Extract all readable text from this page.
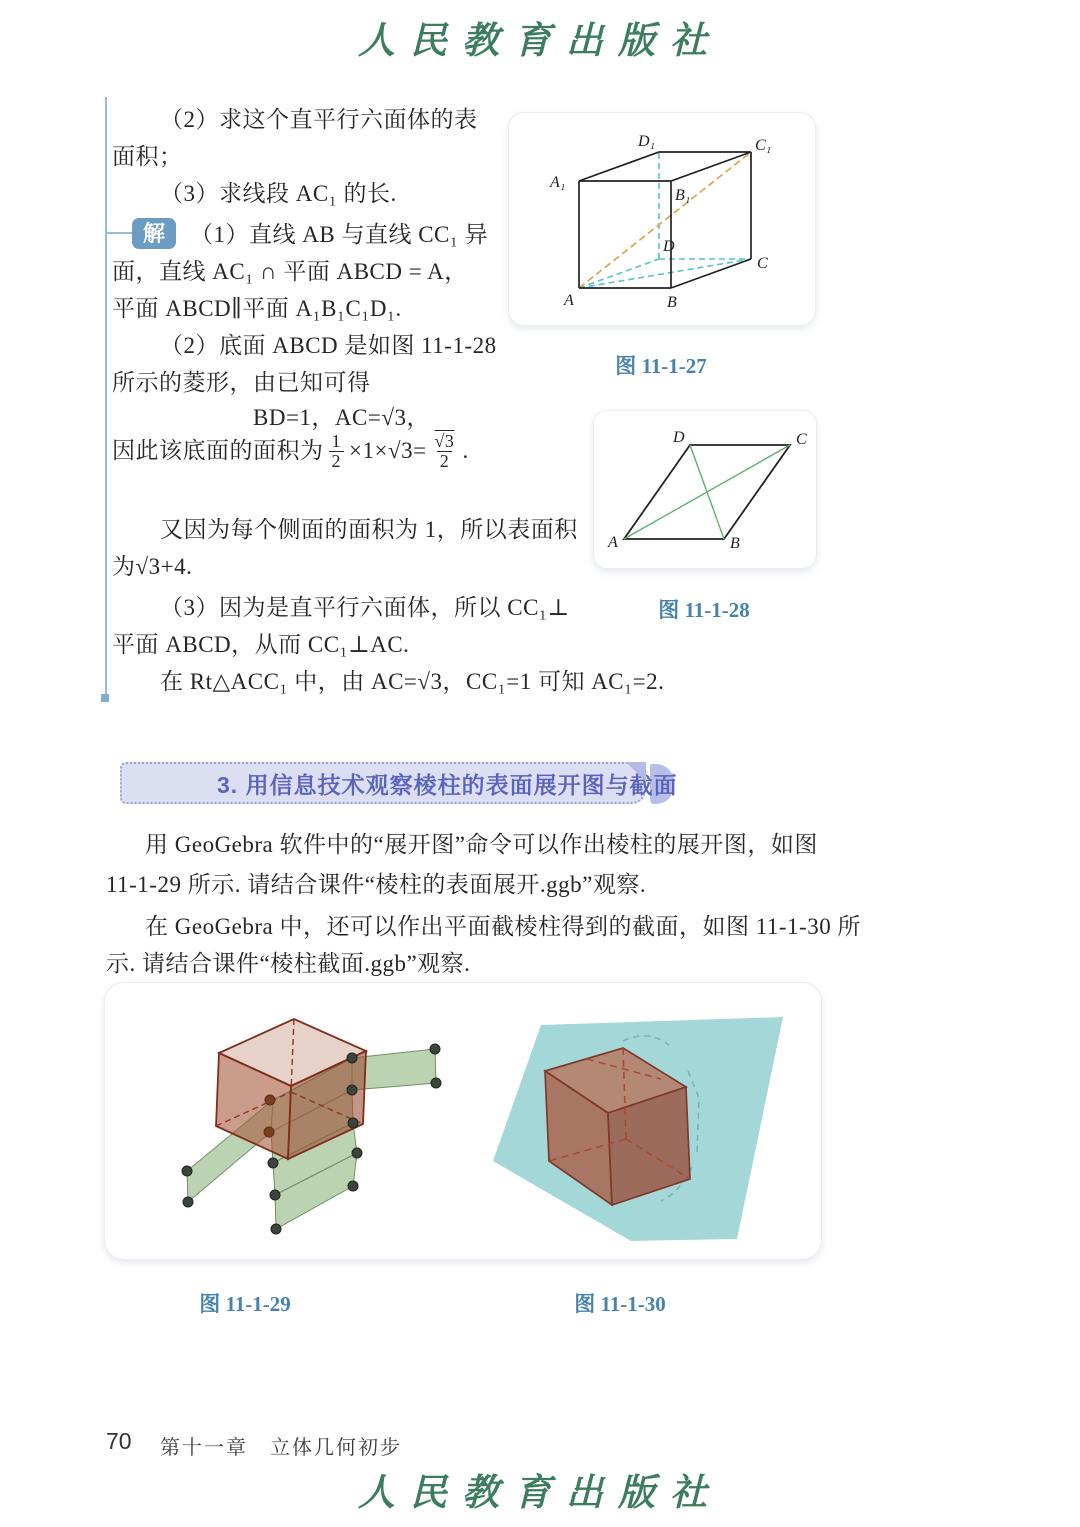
人民教育出版社
解
（2）求这个直平行六面体的表
面积；
（3）求线段 AC₁ 的长.
（1）直线 AB 与直线 CC₁ 异
面，直线 AC₁ ∩ 平面 ABCD = A，
平面 ABCD∥平面 A₁B₁C₁D₁.
（2）底面 ABCD 是如图 11-1-28
所示的菱形，由已知可得
BD=1，AC=√3，
因此该底面的面积为 $\frac{1}{2} \times 1\times√3= \frac{√3}{2}$ .
又因为每个侧面的面积为 1，所以表面积
为√3+4.
（3）因为是直平行六面体，所以 CC₁⊥
平面 ABCD，从而 CC₁⊥AC.
在 Rt△ACC₁ 中，由 AC=√3，CC₁=1 可知 AC₁=2.
A	B
C
D
A₁
B₁
C₁
D₁
图 11-1-27
A	B
C
D
图 11-1-28
3. 用信息技术观察棱柱的表面展开图与截面
用 GeoGebra 软件中的“展开图”命令可以作出棱柱的展开图，如图
11-1-29 所示. 请结合课件“棱柱的表面展开.ggb”观察.
在 GeoGebra 中，还可以作出平面截棱柱得到的截面，如图 11-1-30 所
示. 请结合课件“棱柱截面.ggb”观察.
图 11-1-29	图 11-1-30
70 第十一章　立体几何初步
人民教育出版社
